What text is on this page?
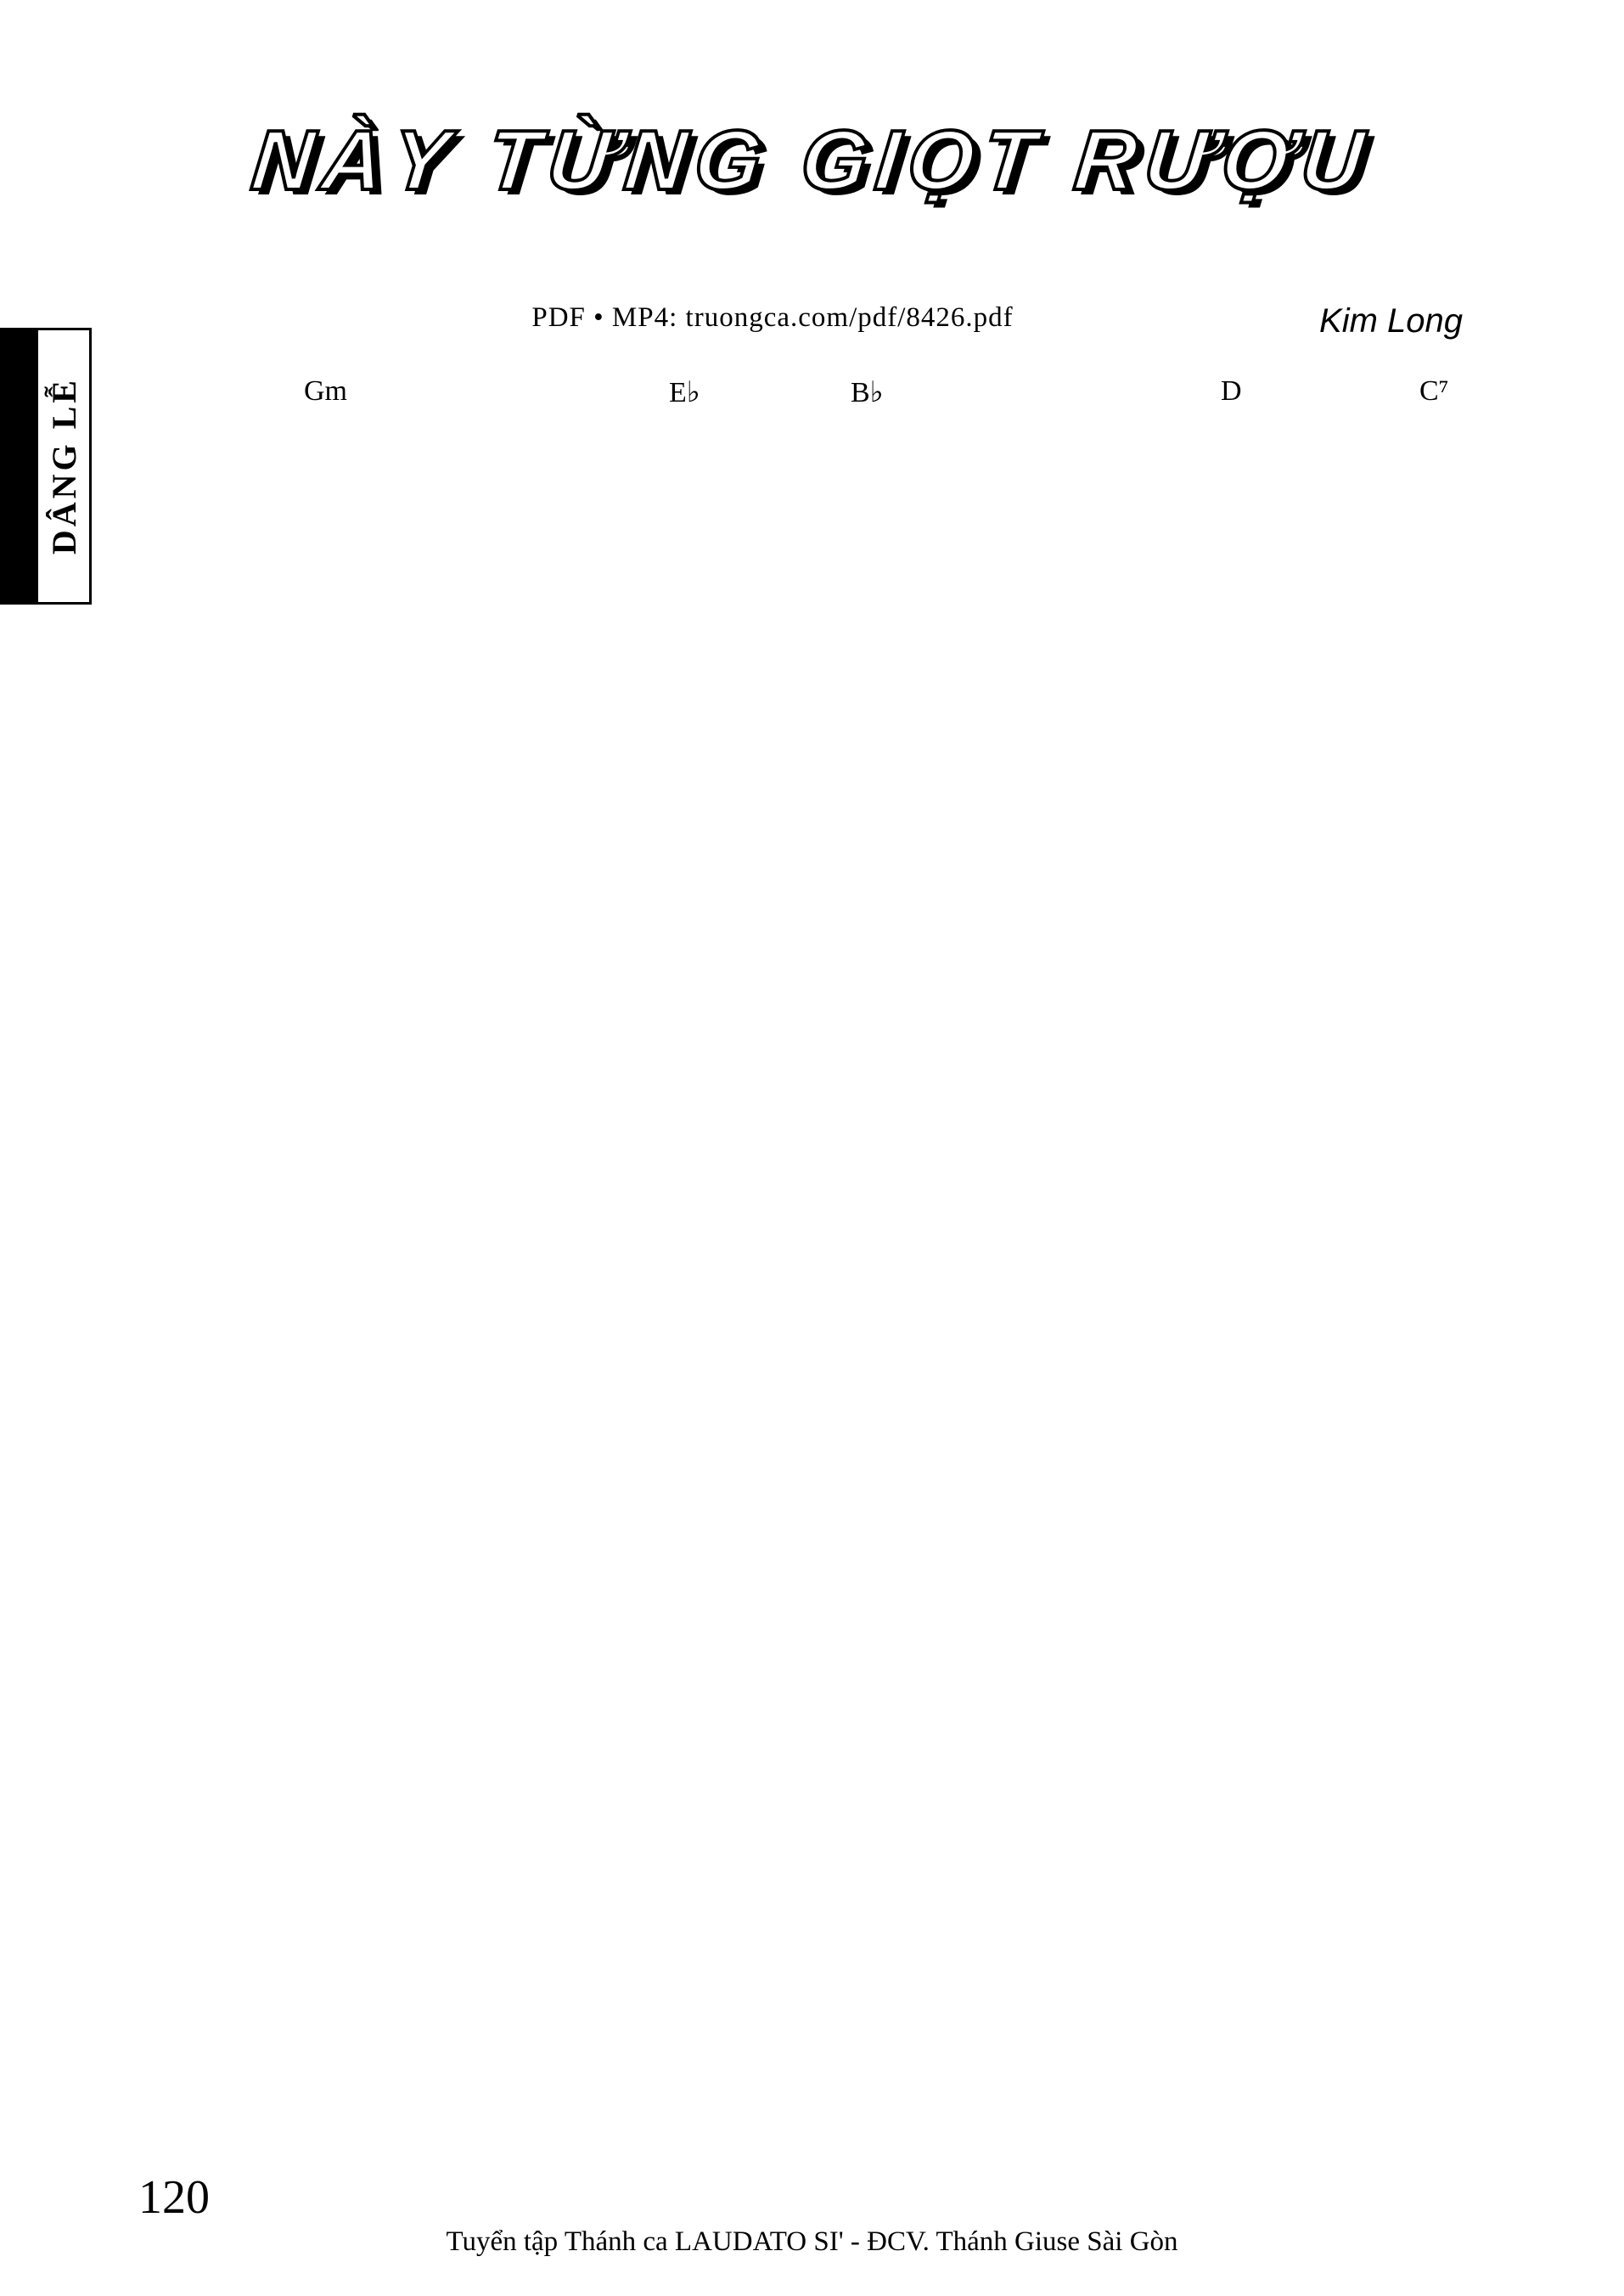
DÂNG LỄ
NÀY TỪNG GIỌT RƯỢU
PDF • MP4: truongca.com/pdf/8426.pdf	Kim Long
Gm	E♭	B♭	D	C⁷
120
Tuyển tập Thánh ca LAUDATO SI' - ĐCV. Thánh Giuse Sài Gòn
